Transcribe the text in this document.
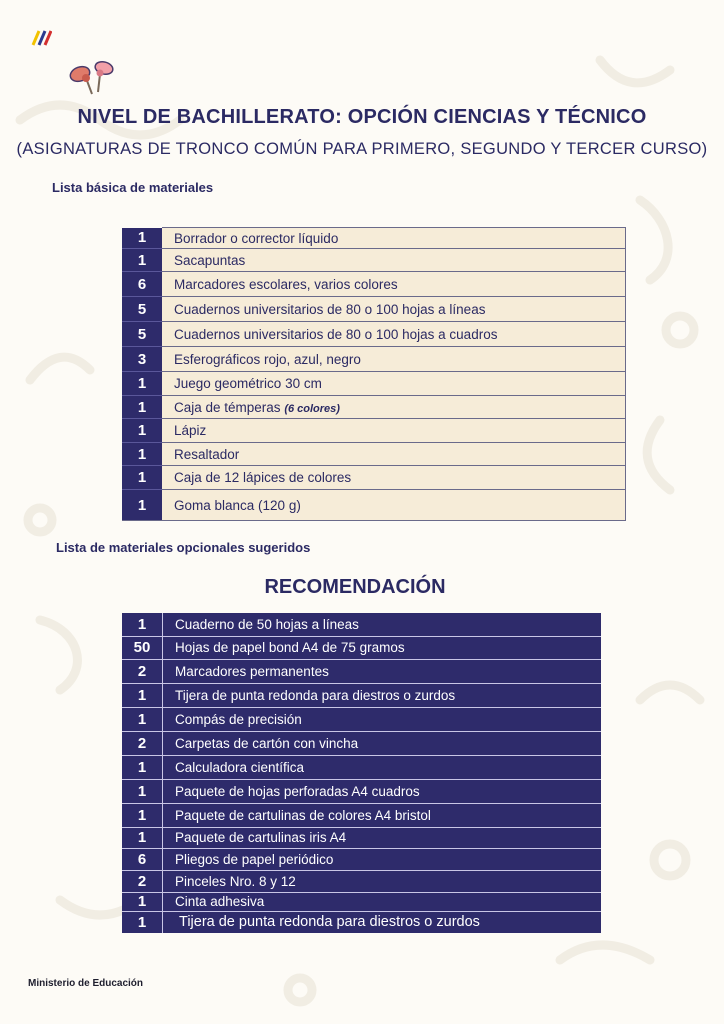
NIVEL DE BACHILLERATO: OPCIÓN CIENCIAS Y TÉCNICO
(ASIGNATURAS DE TRONCO COMÚN PARA PRIMERO, SEGUNDO Y TERCER CURSO)
Lista básica de materiales
1	Borrador o corrector líquido
1	Sacapuntas
6	Marcadores escolares, varios colores
5	Cuadernos universitarios de 80 o 100 hojas a líneas
5	Cuadernos universitarios de 80 o 100 hojas a cuadros
3	Esferográficos rojo, azul, negro
1	Juego geométrico 30 cm
1	Caja de témperas (6 colores)
1	Lápiz
1	Resaltador
1	Caja de 12 lápices de colores
1	Goma blanca (120 g)
Lista de materiales opcionales sugeridos
RECOMENDACIÓN
1	Cuaderno de 50 hojas a líneas
50	Hojas de papel bond A4 de 75 gramos
2	Marcadores permanentes
1	Tijera de punta redonda para diestros o zurdos
1	Compás de precisión
2	Carpetas de cartón con vincha
1	Calculadora científica
1	Paquete de hojas perforadas A4 cuadros
1	Paquete de cartulinas de colores A4 bristol
1	Paquete de cartulinas iris A4
6	Pliegos de papel periódico
2	Pinceles Nro. 8 y 12
1	Cinta adhesiva
1	Tijera de punta redonda para diestros o zurdos
Ministerio de Educación
